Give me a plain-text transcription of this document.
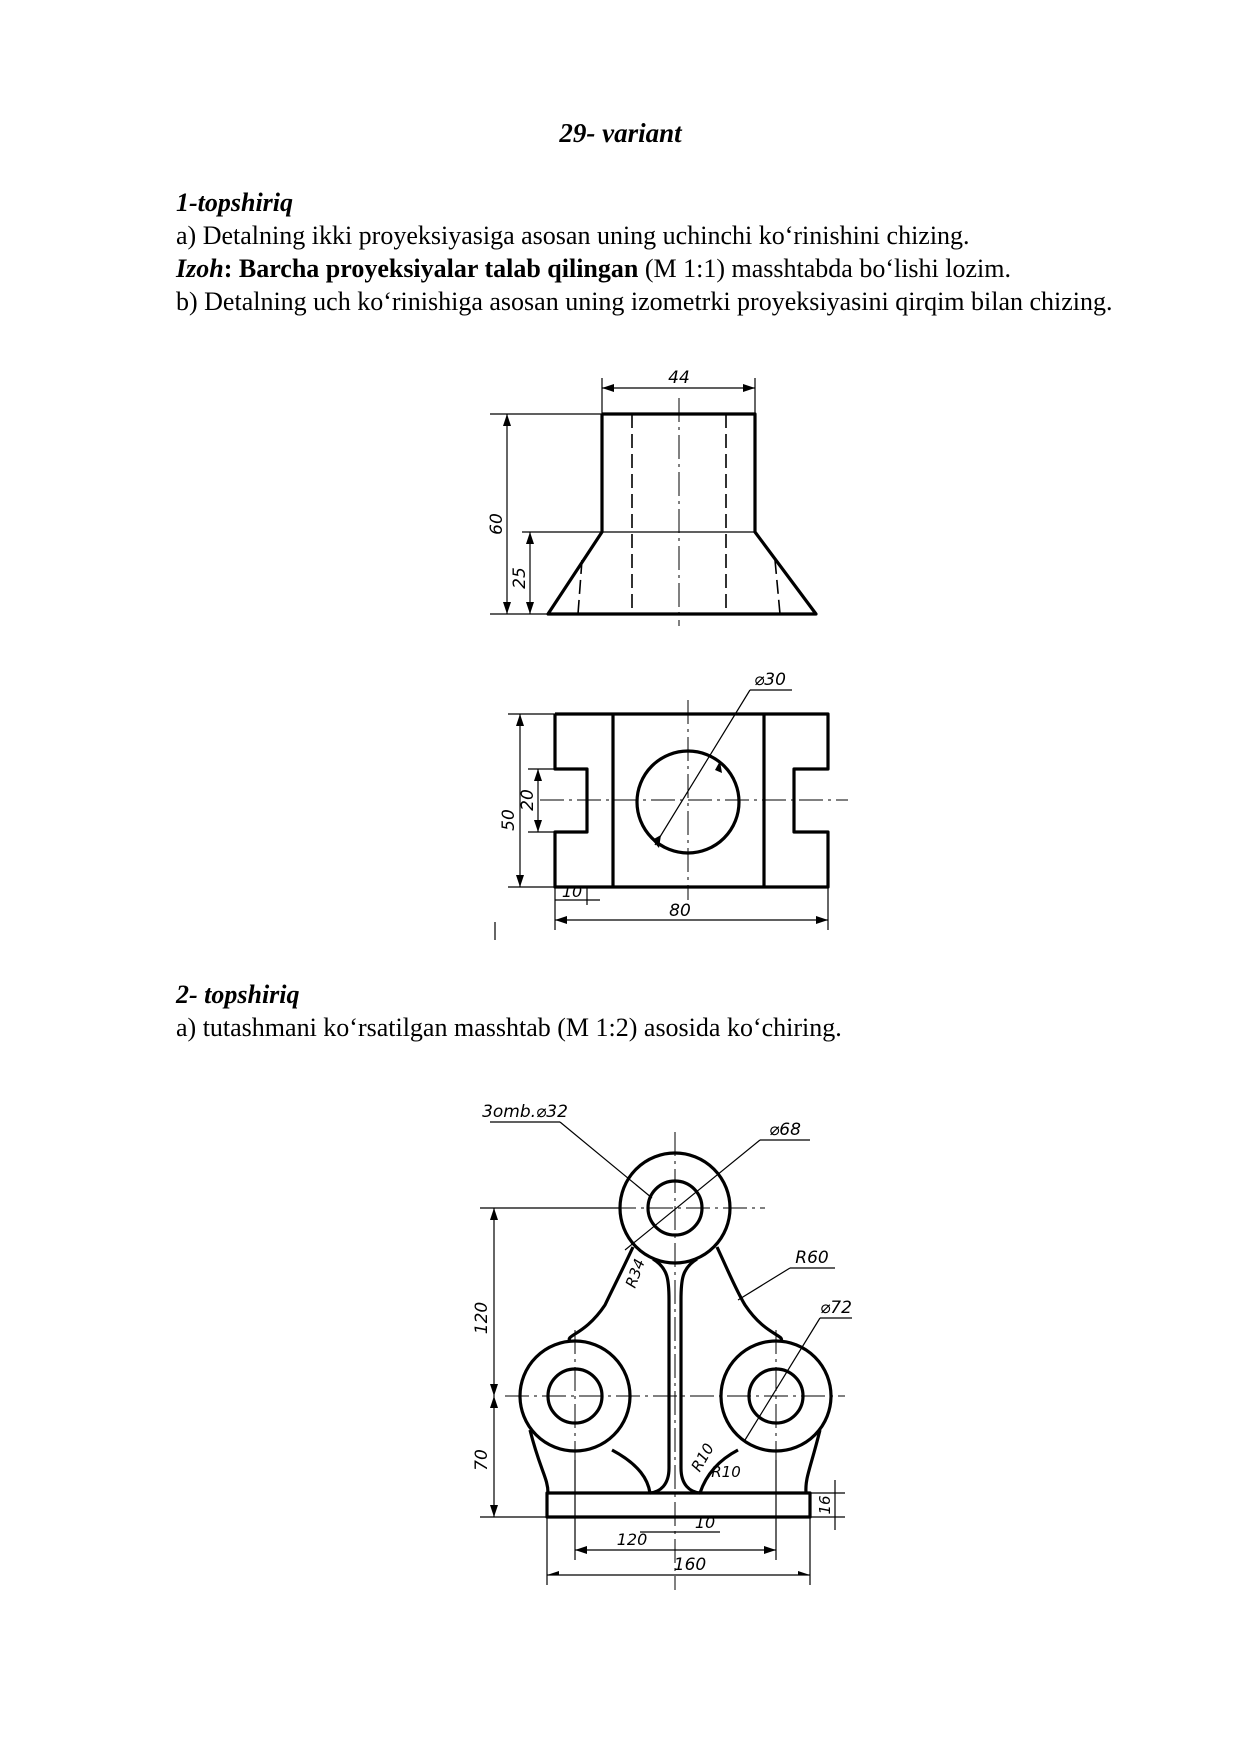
29- variant
1-topshiriq
a) Detalning ikki proyeksiyasiga asosan uning uchinchi ko‘rinishini chizing.
Izoh: Barcha proyeksiyalar talab qilingan (M 1:1) masshtabda bo‘lishi lozim.
b) Detalning uch ko‘rinishiga asosan uning izometrki proyeksiyasini qirqim bilan chizing.
44
60
25
⌀30
50
20
10
80
2- topshiriq
a) tutashmani ko‘rsatilgan masshtab (M 1:2) asosida ko‘chiring.
3omb.⌀32
⌀68
R60
⌀72
R34
120
70	R10
R10
10
120
160
16
